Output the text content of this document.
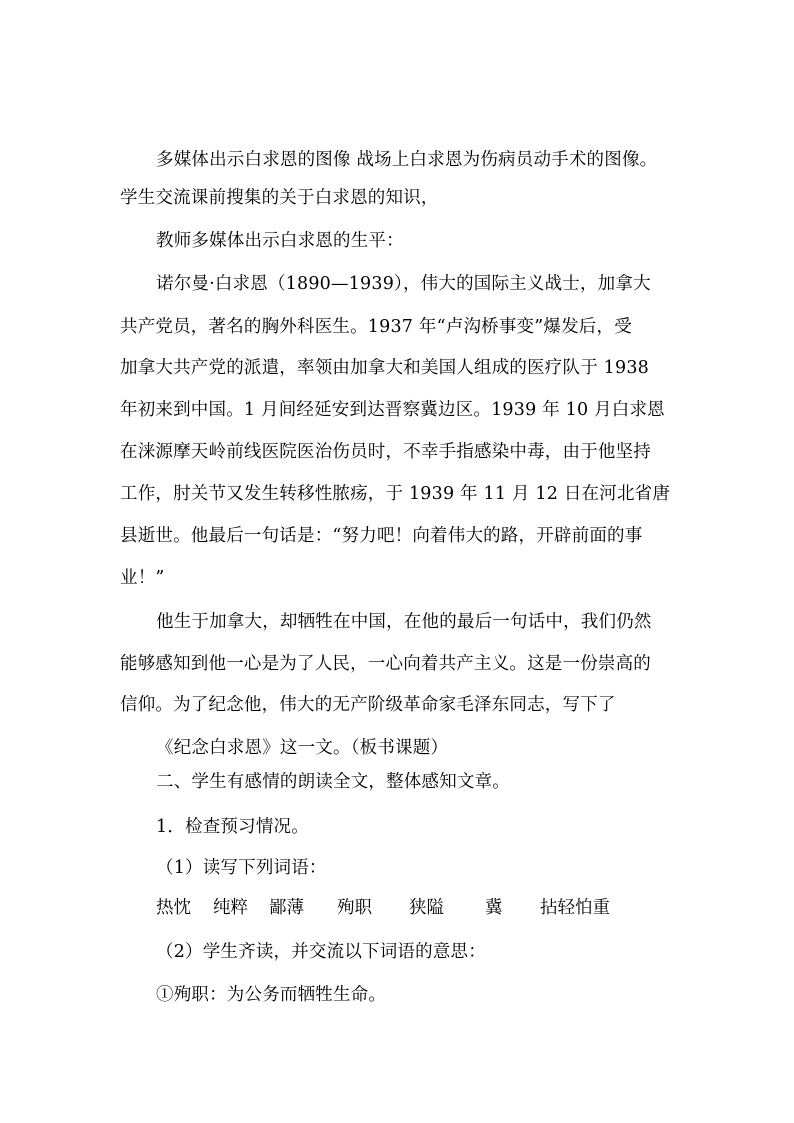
多媒体出示白求恩的图像 战场上白求恩为伤病员动手术的图像。
学生交流课前搜集的关于白求恩的知识，
教师多媒体出示白求恩的生平：
诺尔曼·白求恩（1890—1939），伟大的国际主义战士，加拿大
共产党员，著名的胸外科医生。1937 年“卢沟桥事变”爆发后，受
加拿大共产党的派遣，率领由加拿大和美国人组成的医疗队于 1938
年初来到中国。1 月间经延安到达晋察冀边区。1939 年 10 月白求恩
在涞源摩天岭前线医院医治伤员时，不幸手指感染中毒，由于他坚持
工作，肘关节又发生转移性脓疡，于 1939 年 11 月 12 日在河北省唐
县逝世。他最后一句话是：“努力吧！向着伟大的路，开辟前面的事
业！”
他生于加拿大，却牺牲在中国，在他的最后一句话中，我们仍然
能够感知到他一心是为了人民，一心向着共产主义。这是一份崇高的
信仰。为了纪念他，伟大的无产阶级革命家毛泽东同志，写下了
《纪念白求恩》这一文。（板书课题）
二、学生有感情的朗读全文，整体感知文章。
1．检查预习情况。
（1）读写下列词语：
热忱 纯粹 鄙薄 殉职 狭隘 冀 拈轻怕重
（2）学生齐读，并交流以下词语的意思：
①殉职：为公务而牺牲生命。
